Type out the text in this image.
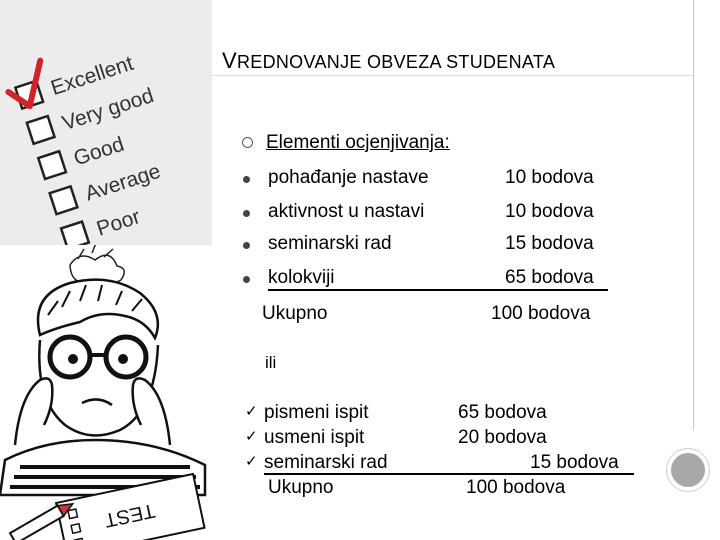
Excellent
Very good
Good
Average
Poor
TEST
VREDNOVANJE OBVEZA STUDENATA
Elementi ocjenjivanja:
pohađanje nastave	10 bodova
aktivnost u nastavi	10 bodova
seminarski rad	15 bodova
kolokviji	65 bodova
Ukupno	100 bodova
ili
✓ pismeni ispit	65 bodova
✓ usmeni ispit	20 bodova
✓ seminarski rad	15 bodova
Ukupno	100 bodova
